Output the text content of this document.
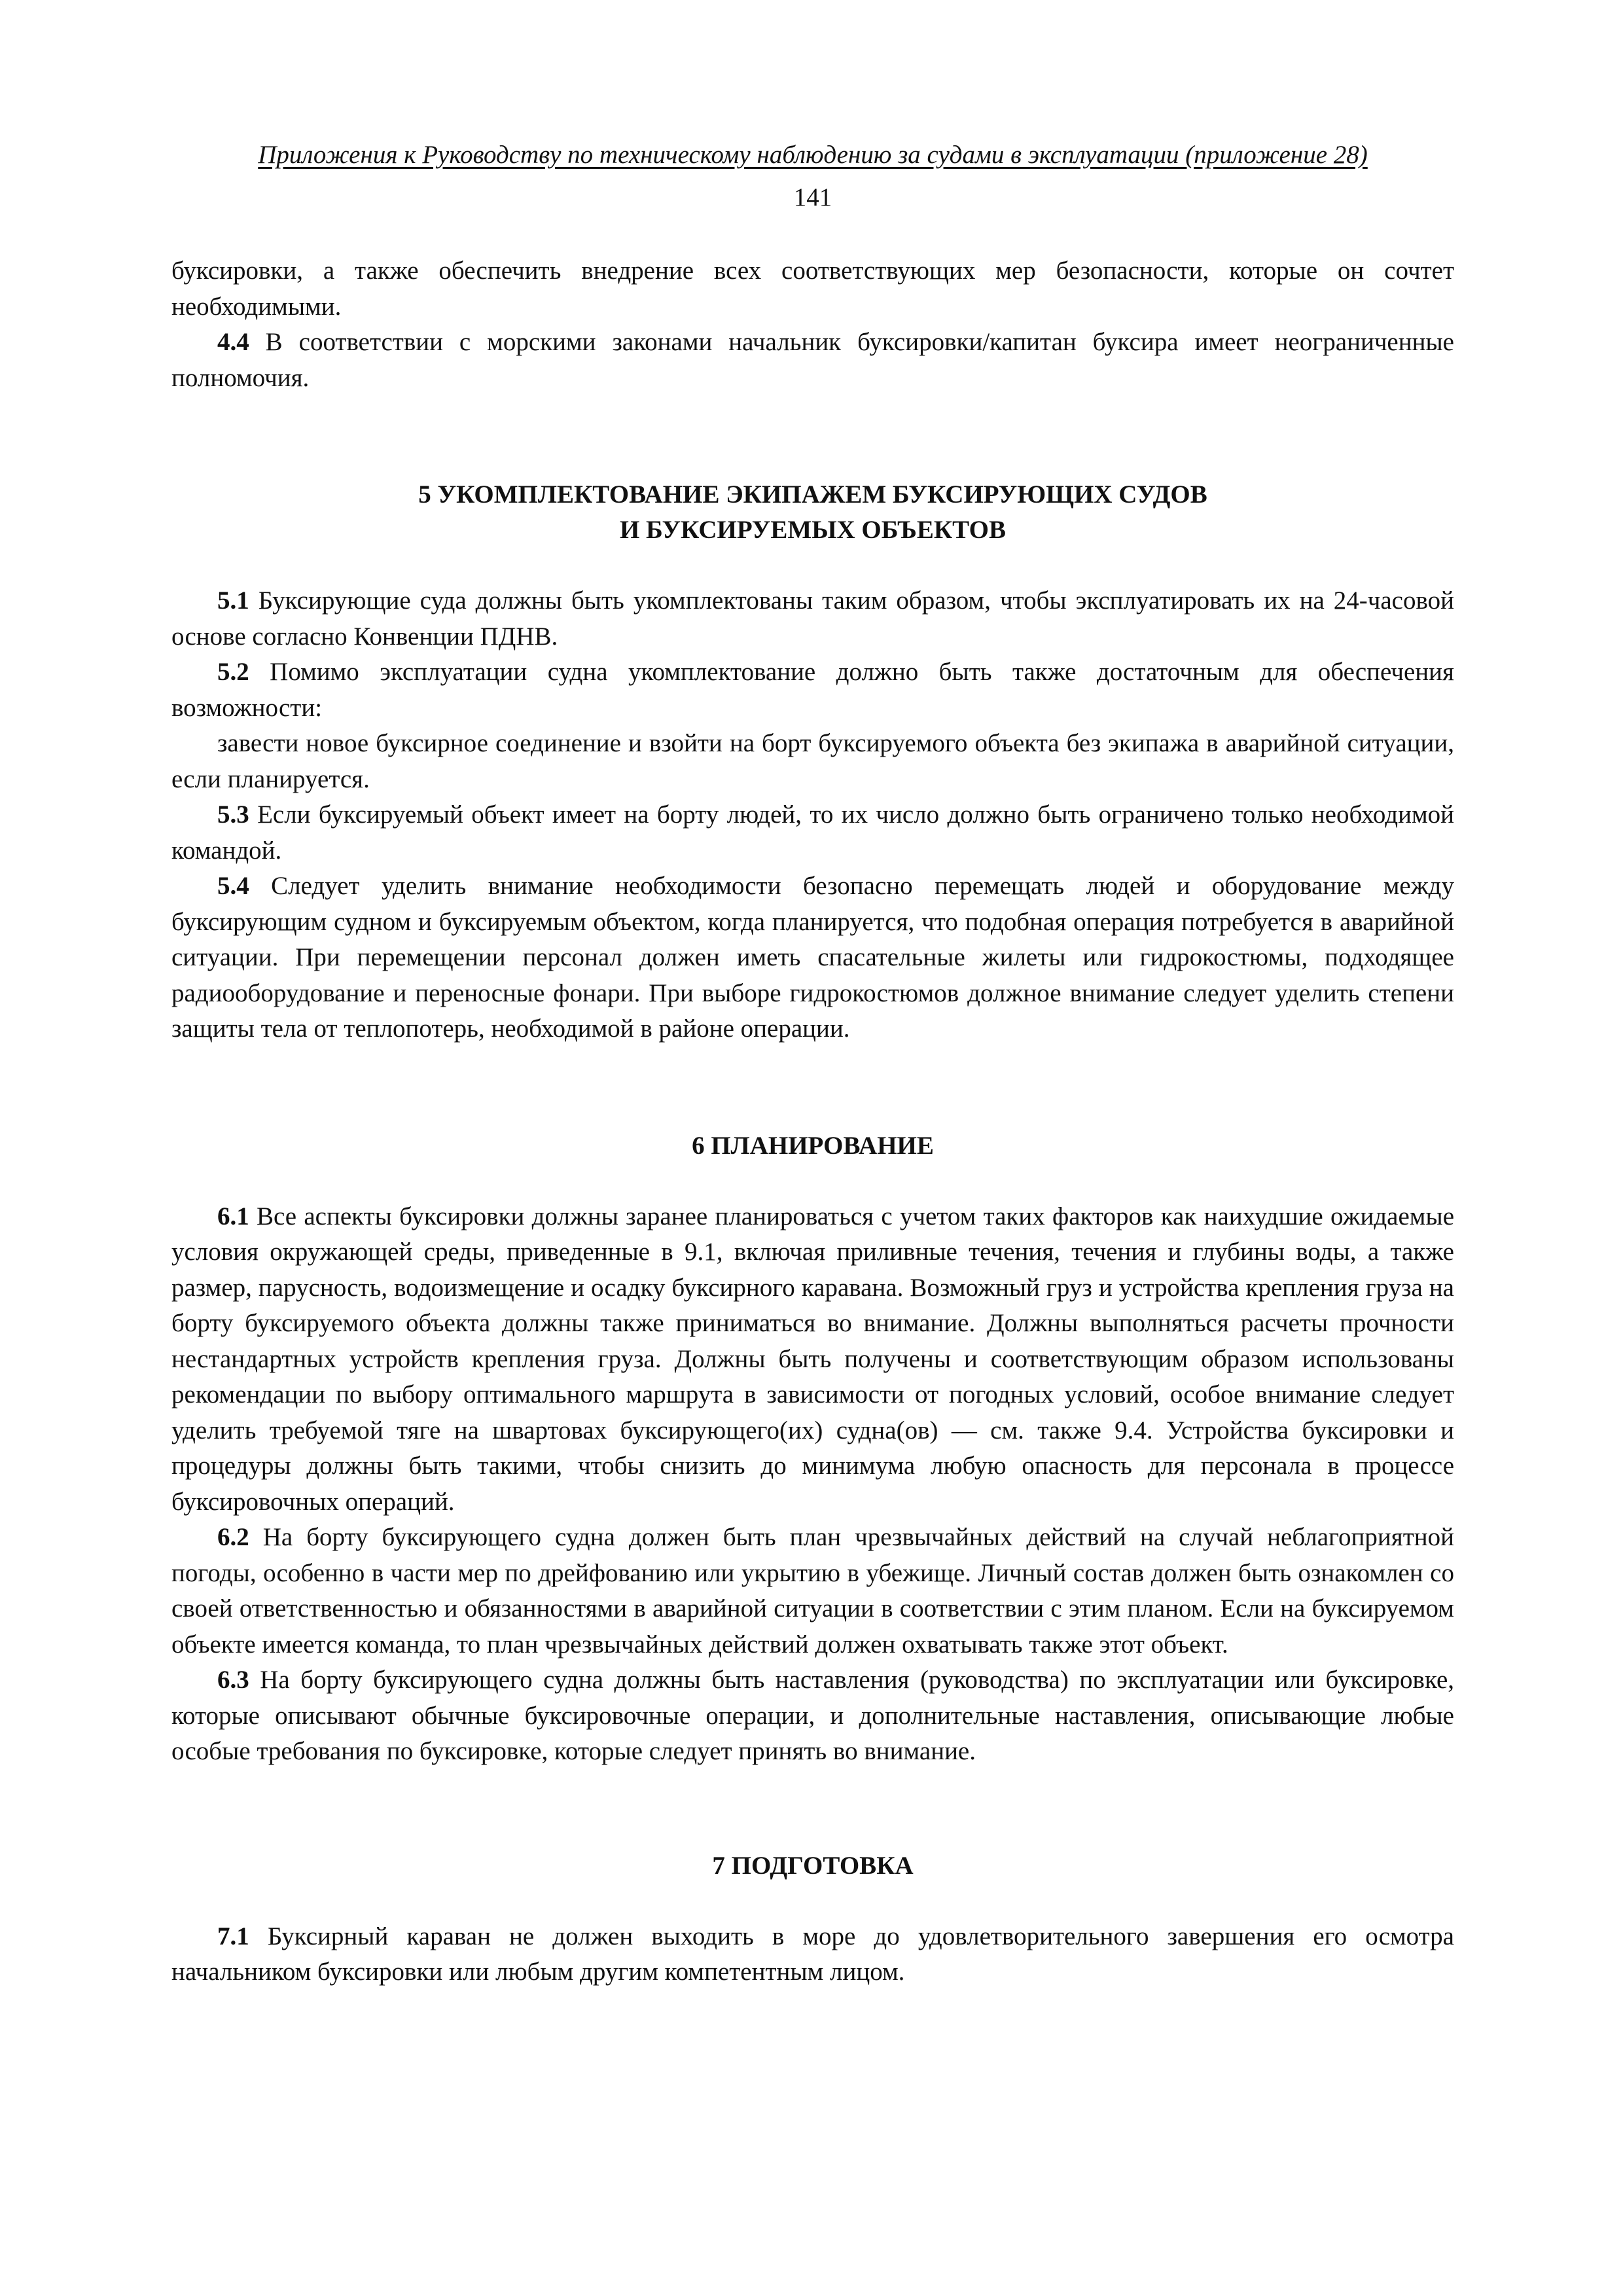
Приложения к Руководству по техническому наблюдению за судами в эксплуатации (приложение 28)
141

буксировки, а также обеспечить внедрение всех соответствующих мер безопасности, которые он сочтет необходимыми.

4.4 В соответствии с морскими законами начальник буксировки/капитан буксира имеет неограниченные полномочия.

5 УКОМПЛЕКТОВАНИЕ ЭКИПАЖЕМ БУКСИРУЮЩИХ СУДОВ
И БУКСИРУЕМЫХ ОБЪЕКТОВ

5.1 Буксирующие суда должны быть укомплектованы таким образом, чтобы эксплуатировать их на 24-часовой основе согласно Конвенции ПДНВ.

5.2 Помимо эксплуатации судна укомплектование должно быть также достаточным для обеспечения возможности:

завести новое буксирное соединение и взойти на борт буксируемого объекта без экипажа в аварийной ситуации, если планируется.

5.3 Если буксируемый объект имеет на борту людей, то их число должно быть ограничено только необходимой командой.

5.4 Следует уделить внимание необходимости безопасно перемещать людей и оборудование между буксирующим судном и буксируемым объектом, когда планируется, что подобная операция потребуется в аварийной ситуации. При перемещении персонал должен иметь спасательные жилеты или гидрокостюмы, подходящее радиооборудование и переносные фонари. При выборе гидрокостюмов должное внимание следует уделить степени защиты тела от теплопотерь, необходимой в районе операции.

6 ПЛАНИРОВАНИЕ

6.1 Все аспекты буксировки должны заранее планироваться с учетом таких факторов как наихудшие ожидаемые условия окружающей среды, приведенные в 9.1, включая приливные течения, течения и глубины воды, а также размер, парусность, водоизмещение и осадку буксирного каравана. Возможный груз и устройства крепления груза на борту буксируемого объекта должны также приниматься во внимание. Должны выполняться расчеты прочности нестандартных устройств крепления груза. Должны быть получены и соответствующим образом использованы рекомендации по выбору оптимального маршрута в зависимости от погодных условий, особое внимание следует уделить требуемой тяге на швартовах буксирующего(их) судна(ов) — см. также 9.4. Устройства буксировки и процедуры должны быть такими, чтобы снизить до минимума любую опасность для персонала в процессе буксировочных операций.

6.2 На борту буксирующего судна должен быть план чрезвычайных действий на случай неблагоприятной погоды, особенно в части мер по дрейфованию или укрытию в убежище. Личный состав должен быть ознакомлен со своей ответственностью и обязанностями в аварийной ситуации в соответствии с этим планом. Если на буксируемом объекте имеется команда, то план чрезвычайных действий должен охватывать также этот объект.

6.3 На борту буксирующего судна должны быть наставления (руководства) по эксплуатации или буксировке, которые описывают обычные буксировочные операции, и дополнительные наставления, описывающие любые особые требования по буксировке, которые следует принять во внимание.

7 ПОДГОТОВКА

7.1 Буксирный караван не должен выходить в море до удовлетворительного завершения его осмотра начальником буксировки или любым другим компетентным лицом.
